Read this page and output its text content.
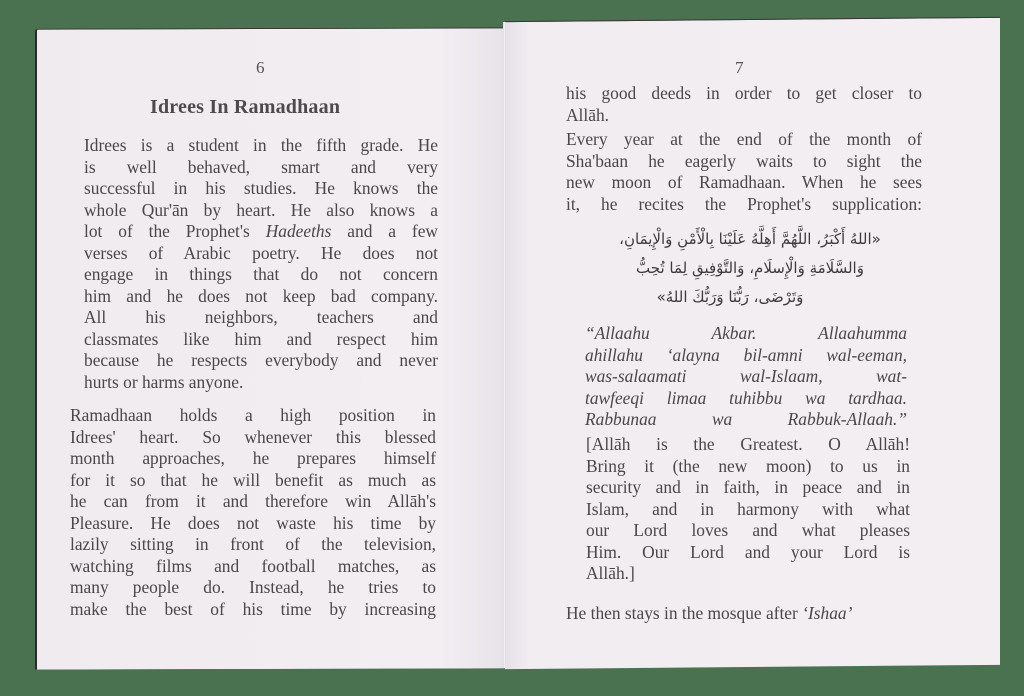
6
Idrees In Ramadhaan
Idrees is a student in the fifth grade. He
is well behaved, smart and very
successful in his studies. He knows the
whole Qur'ān by heart. He also knows a
lot of the Prophet's Hadeeths and a few
verses of Arabic poetry. He does not
engage in things that do not concern
him and he does not keep bad company.
All his neighbors, teachers and
classmates like him and respect him
because he respects everybody and never
hurts or harms anyone.
Ramadhaan holds a high position in
Idrees' heart. So whenever this blessed
month approaches, he prepares himself
for it so that he will benefit as much as
he can from it and therefore win Allāh's
Pleasure. He does not waste his time by
lazily sitting in front of the television,
watching films and football matches, as
many people do. Instead, he tries to
make the best of his time by increasing
7
his good deeds in order to get closer to
Allāh.
Every year at the end of the month of
Sha'baan he eagerly waits to sight the
new moon of Ramadhaan. When he sees
it, he recites the Prophet's supplication:
«اللهُ أَكْبَرُ، اللَّهُمَّ أَهِلَّهُ عَلَيْنَا بِالْأَمْنِ وَالْإِيمَانِ،
وَالسَّلَامَةِ وَالْإِسلَامِ، وَالتَّوْفِيقِ لِمَا تُحِبُّ
وَتَرْضَى، رَبُّنَا وَرَبُّكَ اللهُ»
“Allaahu Akbar. Allaahumma
ahillahu ‘alayna bil-amni wal-eeman,
was-salaamati wal-Islaam, wat-
tawfeeqi limaa tuhibbu wa tardhaa.
Rabbunaa wa Rabbuk-Allaah.”
[Allāh is the Greatest. O Allāh!
Bring it (the new moon) to us in
security and in faith, in peace and in
Islam, and in harmony with what
our Lord loves and what pleases
Him. Our Lord and your Lord is
Allāh.]
He then stays in the mosque after ‘Ishaa’
